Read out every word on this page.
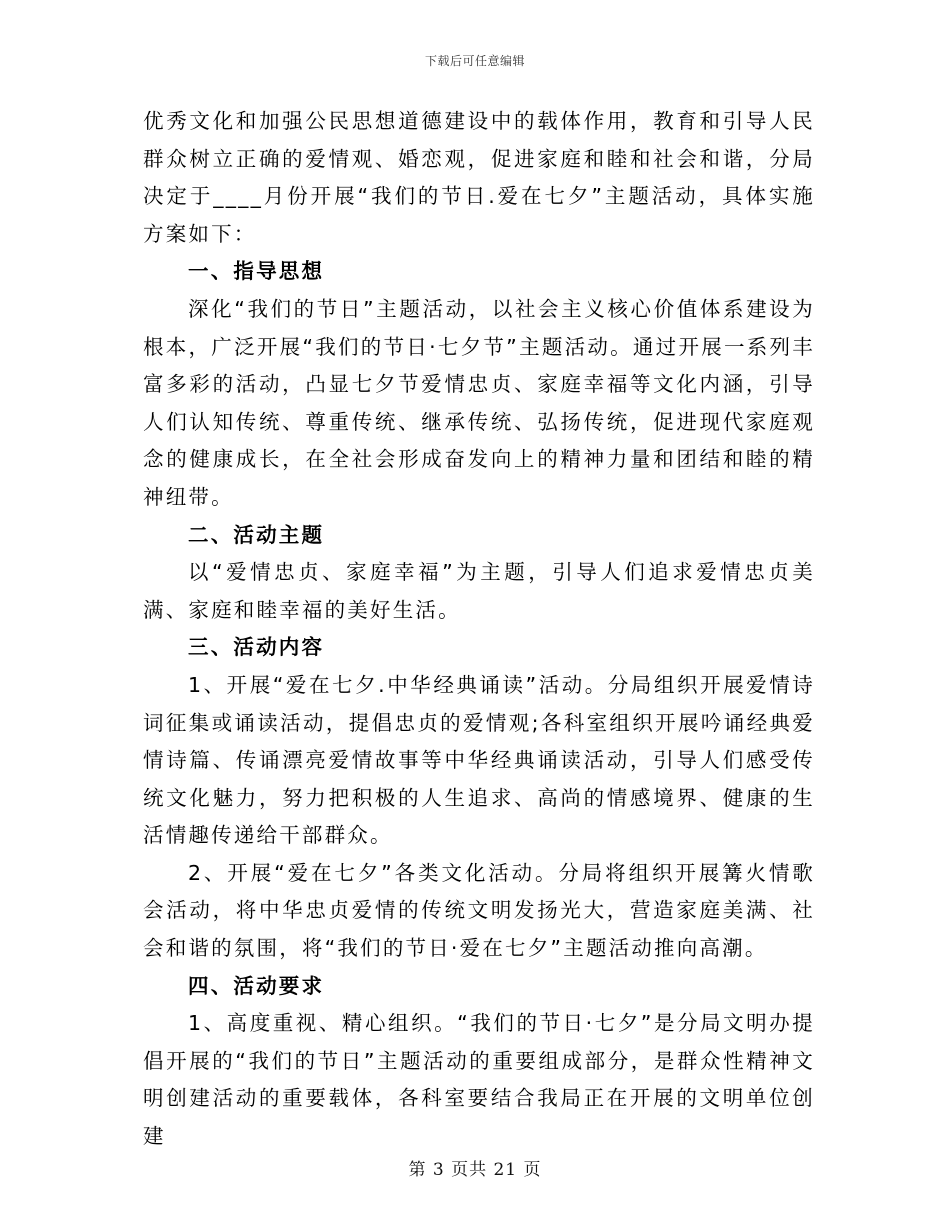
下载后可任意编辑

优秀文化和加强公民思想道德建设中的载体作用，教育和引导人民群众树立正确的爱情观、婚恋观，促进家庭和睦和社会和谐，分局决定于____月份开展“我们的节日.爱在七夕”主题活动，具体实施方案如下：

一、指导思想

深化“我们的节日”主题活动，以社会主义核心价值体系建设为根本，广泛开展“我们的节日·七夕节”主题活动。通过开展一系列丰富多彩的活动，凸显七夕节爱情忠贞、家庭幸福等文化内涵，引导人们认知传统、尊重传统、继承传统、弘扬传统，促进现代家庭观念的健康成长，在全社会形成奋发向上的精神力量和团结和睦的精神纽带。

二、活动主题

以“爱情忠贞、家庭幸福”为主题，引导人们追求爱情忠贞美满、家庭和睦幸福的美好生活。

三、活动内容

1、开展“爱在七夕.中华经典诵读”活动。分局组织开展爱情诗词征集或诵读活动，提倡忠贞的爱情观;各科室组织开展吟诵经典爱情诗篇、传诵漂亮爱情故事等中华经典诵读活动，引导人们感受传统文化魅力，努力把积极的人生追求、高尚的情感境界、健康的生活情趣传递给干部群众。

2、开展“爱在七夕”各类文化活动。分局将组织开展篝火情歌会活动，将中华忠贞爱情的传统文明发扬光大，营造家庭美满、社会和谐的氛围，将“我们的节日·爱在七夕”主题活动推向高潮。

四、活动要求

1、高度重视、精心组织。“我们的节日·七夕”是分局文明办提倡开展的“我们的节日”主题活动的重要组成部分，是群众性精神文明创建活动的重要载体，各科室要结合我局正在开展的文明单位创建

第 3 页共 21 页
